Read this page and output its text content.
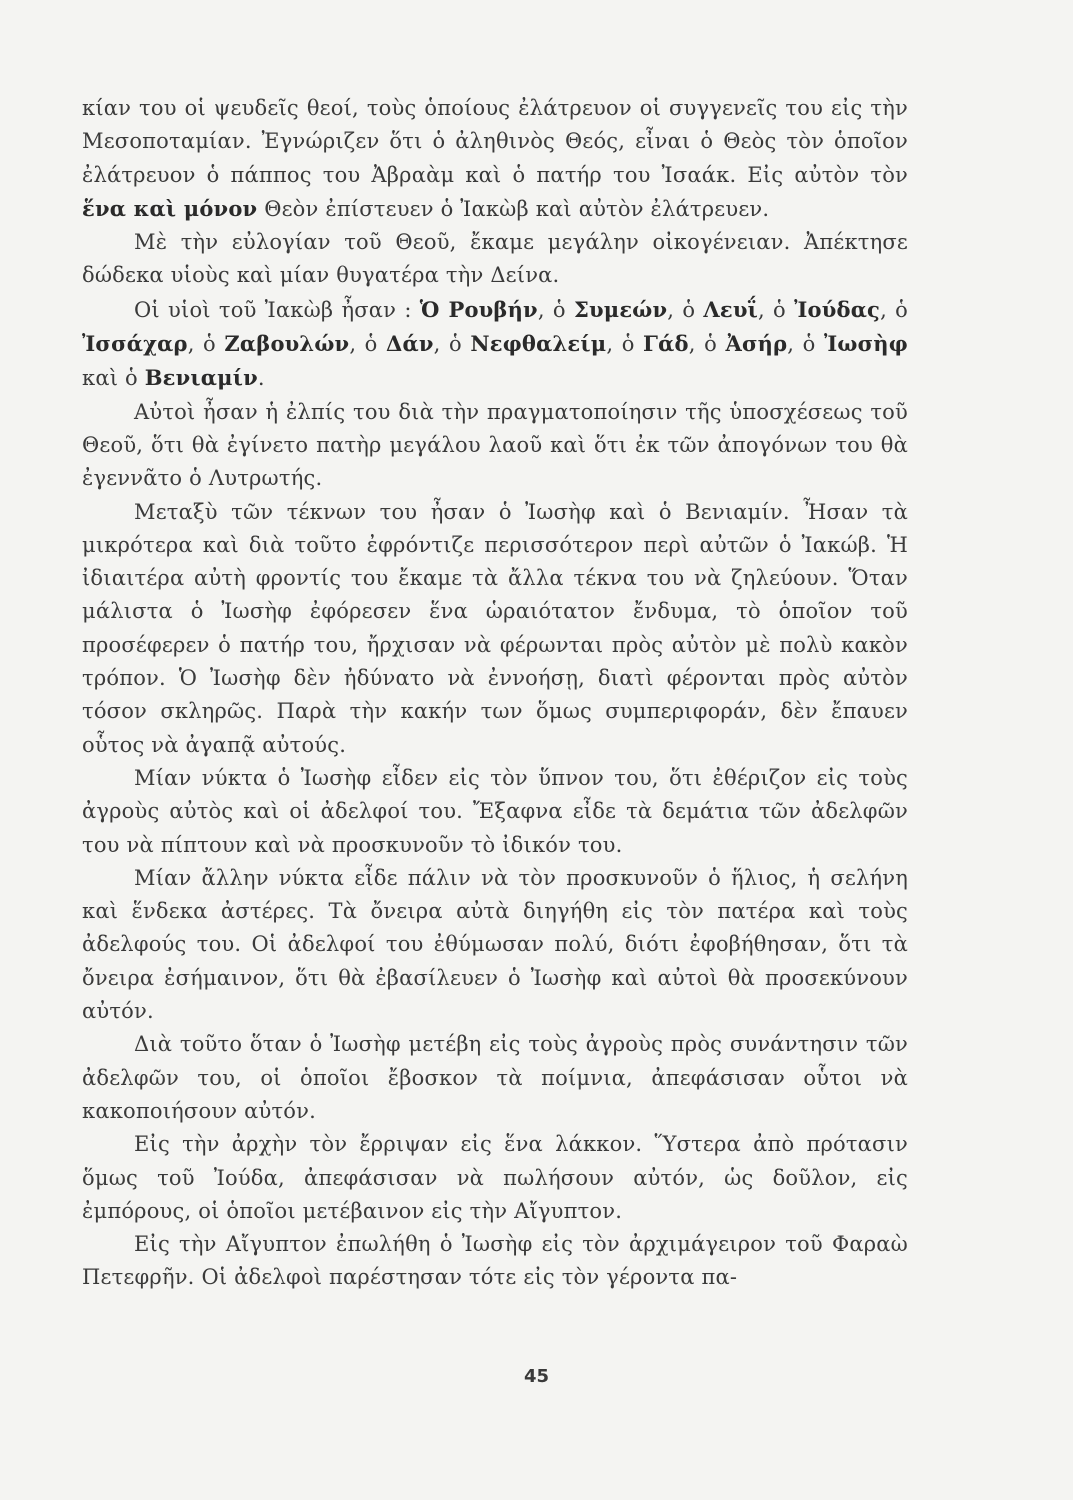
κίαν του οἱ ψευδεῖς θεοί, τοὺς ὁποίους ἐλάτρευον οἱ συγγενεῖς του εἰς τὴν Μεσοποταμίαν. Ἐγνώριζεν ὅτι ὁ ἀληθινὸς Θεός, εἶναι ὁ Θεὸς τὸν ὁποῖον ἐλάτρευον ὁ πάππος του Ἀβραὰμ καὶ ὁ πατήρ του Ἰσαάκ. Εἰς αὐτὸν τὸν ἕνα καὶ μόνον Θεὸν ἐπίστευεν ὁ Ἰακὼβ καὶ αὐτὸν ἐλάτρευεν.

Μὲ τὴν εὐλογίαν τοῦ Θεοῦ, ἔκαμε μεγάλην οἰκογένειαν. Ἀπέκτησε δώδεκα υἱοὺς καὶ μίαν θυγατέρα τὴν Δείνα.

Οἱ υἱοὶ τοῦ Ἰακὼβ ἦσαν : Ὁ Ρουβήν, ὁ Συμεών, ὁ Λευΐ, ὁ Ἰούδας, ὁ Ἰσσάχαρ, ὁ Ζαβουλών, ὁ Δάν, ὁ Νεφθαλείμ, ὁ Γάδ, ὁ Ἀσήρ, ὁ Ἰωσὴφ καὶ ὁ Βενιαμίν.

Αὐτοὶ ἦσαν ἡ ἐλπίς του διὰ τὴν πραγματοποίησιν τῆς ὑποσχέσεως τοῦ Θεοῦ, ὅτι θὰ ἐγίνετο πατὴρ μεγάλου λαοῦ καὶ ὅτι ἐκ τῶν ἀπογόνων του θὰ ἐγεννᾶτο ὁ Λυτρωτής.

Μεταξὺ τῶν τέκνων του ἦσαν ὁ Ἰωσὴφ καὶ ὁ Βενιαμίν. Ἦσαν τὰ μικρότερα καὶ διὰ τοῦτο ἐφρόντιζε περισσότερον περὶ αὐτῶν ὁ Ἰακώβ. Ἡ ἰδιαιτέρα αὐτὴ φροντίς του ἔκαμε τὰ ἄλλα τέκνα του νὰ ζηλεύουν. Ὅταν μάλιστα ὁ Ἰωσὴφ ἐφόρεσεν ἕνα ὡραιότατον ἔνδυμα, τὸ ὁποῖον τοῦ προσέφερεν ὁ πατήρ του, ἤρχισαν νὰ φέρωνται πρὸς αὐτὸν μὲ πολὺ κακὸν τρόπον. Ὁ Ἰωσὴφ δὲν ἠδύνατο νὰ ἐννοήσῃ, διατὶ φέρονται πρὸς αὐτὸν τόσον σκληρῶς. Παρὰ τὴν κακήν των ὅμως συμπεριφοράν, δὲν ἔπαυεν οὗτος νὰ ἀγαπᾷ αὐτούς.

Μίαν νύκτα ὁ Ἰωσὴφ εἶδεν εἰς τὸν ὕπνον του, ὅτι ἐθέριζον εἰς τοὺς ἀγροὺς αὐτὸς καὶ οἱ ἀδελφοί του. Ἔξαφνα εἶδε τὰ δεμάτια τῶν ἀδελφῶν του νὰ πίπτουν καὶ νὰ προσκυνοῦν τὸ ἰδικόν του.

Μίαν ἄλλην νύκτα εἶδε πάλιν νὰ τὸν προσκυνοῦν ὁ ἥλιος, ἡ σελήνη καὶ ἕνδεκα ἀστέρες. Τὰ ὄνειρα αὐτὰ διηγήθη εἰς τὸν πατέρα καὶ τοὺς ἀδελφούς του. Οἱ ἀδελφοί του ἐθύμωσαν πολύ, διότι ἐφοβήθησαν, ὅτι τὰ ὄνειρα ἐσήμαινον, ὅτι θὰ ἐβασίλευεν ὁ Ἰωσὴφ καὶ αὐτοὶ θὰ προσεκύνουν αὐτόν.

Διὰ τοῦτο ὅταν ὁ Ἰωσὴφ μετέβη εἰς τοὺς ἀγροὺς πρὸς συνάντησιν τῶν ἀδελφῶν του, οἱ ὁποῖοι ἔβοσκον τὰ ποίμνια, ἀπεφάσισαν οὗτοι νὰ κακοποιήσουν αὐτόν.

Εἰς τὴν ἀρχὴν τὸν ἔρριψαν εἰς ἕνα λάκκον. Ὕστερα ἀπὸ πρότασιν ὅμως τοῦ Ἰούδα, ἀπεφάσισαν νὰ πωλήσουν αὐτόν, ὡς δοῦλον, εἰς ἐμπόρους, οἱ ὁποῖοι μετέβαινον εἰς τὴν Αἴγυπτον.

Εἰς τὴν Αἴγυπτον ἐπωλήθη ὁ Ἰωσὴφ εἰς τὸν ἀρχιμάγειρον τοῦ Φαραὼ Πετεφρῆν. Οἱ ἀδελφοὶ παρέστησαν τότε εἰς τὸν γέροντα πα-

45
